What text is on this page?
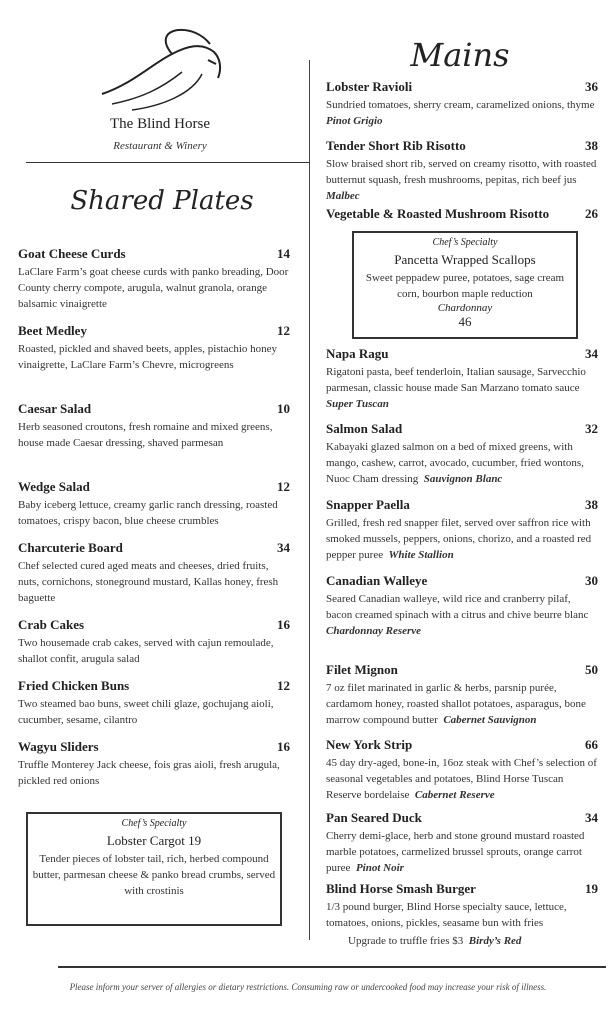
The Blind Horse
Restaurant & Winery
Shared Plates
Goat Cheese Curds	14
LaClare Farm’s goat cheese curds with panko breading, Door County cherry compote, arugula, walnut granola, orange balsamic vinaigrette
Beet Medley	12
Roasted, pickled and shaved beets, apples, pistachio honey vinaigrette, LaClare Farm’s Chevre, microgreens
Caesar Salad	10
Herb seasoned croutons, fresh romaine and mixed greens, house made Caesar dressing, shaved parmesan
Wedge Salad	12
Baby iceberg lettuce, creamy garlic ranch dressing, roasted tomatoes, crispy bacon, blue cheese crumbles
Charcuterie Board	34
Chef selected cured aged meats and cheeses, dried fruits, nuts, cornichons, stoneground mustard, Kallas honey, fresh baguette
Crab Cakes	16
Two housemade crab cakes, served with cajun remoulade, shallot confit, arugula salad
Fried Chicken Buns	12
Two steamed bao buns, sweet chili glaze, gochujang aioli, cucumber, sesame, cilantro
Wagyu Sliders	16
Truffle Monterey Jack cheese, fois gras aioli, fresh arugula, pickled red onions
Chef’s Specialty
Lobster Cargot 19
Tender pieces of lobster tail, rich, herbed compound butter, parmesan cheese & panko bread crumbs, served with crostinis
Mains
Lobster Ravioli	36
Sundried tomatoes, sherry cream, caramelized onions, thyme  Pinot Grigio
Tender Short Rib Risotto	38
Slow braised short rib, served on creamy risotto, with roasted butternut squash, fresh mushrooms, pepitas, rich beef jus  Malbec
Vegetable & Roasted Mushroom Risotto	26
Chef’s Specialty
Pancetta Wrapped Scallops
Sweet peppadew puree, potatoes, sage cream corn, bourbon maple reduction
Chardonnay
46
Napa Ragu	34
Rigatoni pasta, beef tenderloin, Italian sausage, Sarvecchio parmesan, classic house made San Marzano tomato sauce  Super Tuscan
Salmon Salad	32
Kabayaki glazed salmon on a bed of mixed greens, with mango, cashew, carrot, avocado, cucumber, fried wontons, Nuoc Cham dressing Sauvignon Blanc
Snapper Paella	38
Grilled, fresh red snapper filet, served over saffron rice with smoked mussels, peppers, onions, chorizo, and a roasted red pepper puree White Stallion
Canadian Walleye	30
Seared Canadian walleye, wild rice and cranberry pilaf, bacon creamed spinach with a citrus and chive beurre blanc  Chardonnay Reserve
Filet Mignon	50
7 oz filet marinated in garlic & herbs, parsnip purée, cardamom honey, roasted shallot potatoes, asparagus, bone marrow compound butter Cabernet Sauvignon
New York Strip	66
45 day dry-aged, bone-in, 16oz steak with Chef’s selection of seasonal vegetables and potatoes, Blind Horse Tuscan Reserve bordelaise Cabernet Reserve
Pan Seared Duck	34
Cherry demi-glace, herb and stone ground mustard roasted marble potatoes, carmelized brussel sprouts, orange carrot puree Pinot Noir
Blind Horse Smash Burger	19
1/3 pound burger, Blind Horse specialty sauce, lettuce, tomatoes, onions, pickles, seasame bun with fries
Upgrade to truffle fries $3 Birdy’s Red
Please inform your server of allergies or dietary restrictions. Consuming raw or undercooked food may increase your risk of illness.
